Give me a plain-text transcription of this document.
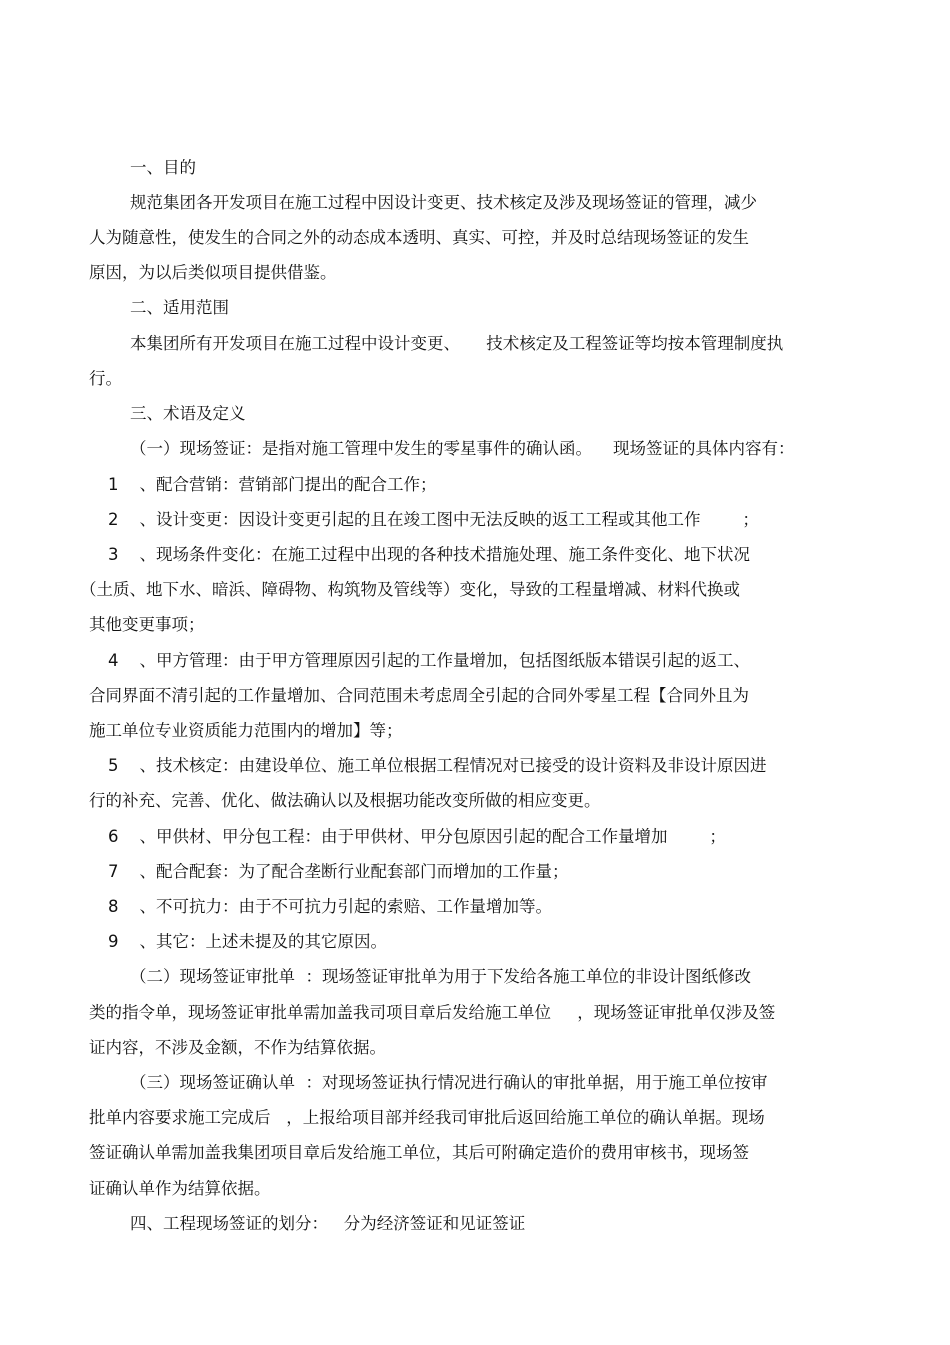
一、目的
规范集团各开发项目在施工过程中因设计变更、技术核定及涉及现场签证的管理，减少
人为随意性，使发生的合同之外的动态成本透明、真实、可控，并及时总结现场签证的发生
原因，为以后类似项目提供借鉴。
二、适用范围
本集团所有开发项目在施工过程中设计变更、     技术核定及工程签证等均按本管理制度执
行。
三、术语及定义
（一）现场签证：是指对施工管理中发生的零星事件的确认函。    现场签证的具体内容有：
1    、配合营销：营销部门提出的配合工作；
2    、设计变更：因设计变更引起的且在竣工图中无法反映的返工工程或其他工作        ；
3    、现场条件变化：在施工过程中出现的各种技术措施处理、施工条件变化、地下状况
（土质、地下水、暗浜、障碍物、构筑物及管线等）变化，导致的工程量增减、材料代换或
其他变更事项；
4    、甲方管理：由于甲方管理原因引起的工作量增加，包括图纸版本错误引起的返工、
合同界面不清引起的工作量增加、合同范围未考虑周全引起的合同外零星工程【合同外且为
施工单位专业资质能力范围内的增加】等；
5    、技术核定：由建设单位、施工单位根据工程情况对已接受的设计资料及非设计原因进
行的补充、完善、优化、做法确认以及根据功能改变所做的相应变更。
6    、甲供材、甲分包工程：由于甲供材、甲分包原因引起的配合工作量增加        ；
7    、配合配套：为了配合垄断行业配套部门而增加的工作量；
8    、不可抗力：由于不可抗力引起的索赔、工作量增加等。
9    、其它：上述未提及的其它原因。
（二）现场签证审批单  ：现场签证审批单为用于下发给各施工单位的非设计图纸修改
类的指令单，现场签证审批单需加盖我司项目章后发给施工单位     ，现场签证审批单仅涉及签
证内容，不涉及金额，不作为结算依据。
（三）现场签证确认单  ：对现场签证执行情况进行确认的审批单据，用于施工单位按审
批单内容要求施工完成后   ，上报给项目部并经我司审批后返回给施工单位的确认单据。现场
签证确认单需加盖我集团项目章后发给施工单位，其后可附确定造价的费用审核书，现场签
证确认单作为结算依据。
四、工程现场签证的划分：   分为经济签证和见证签证
